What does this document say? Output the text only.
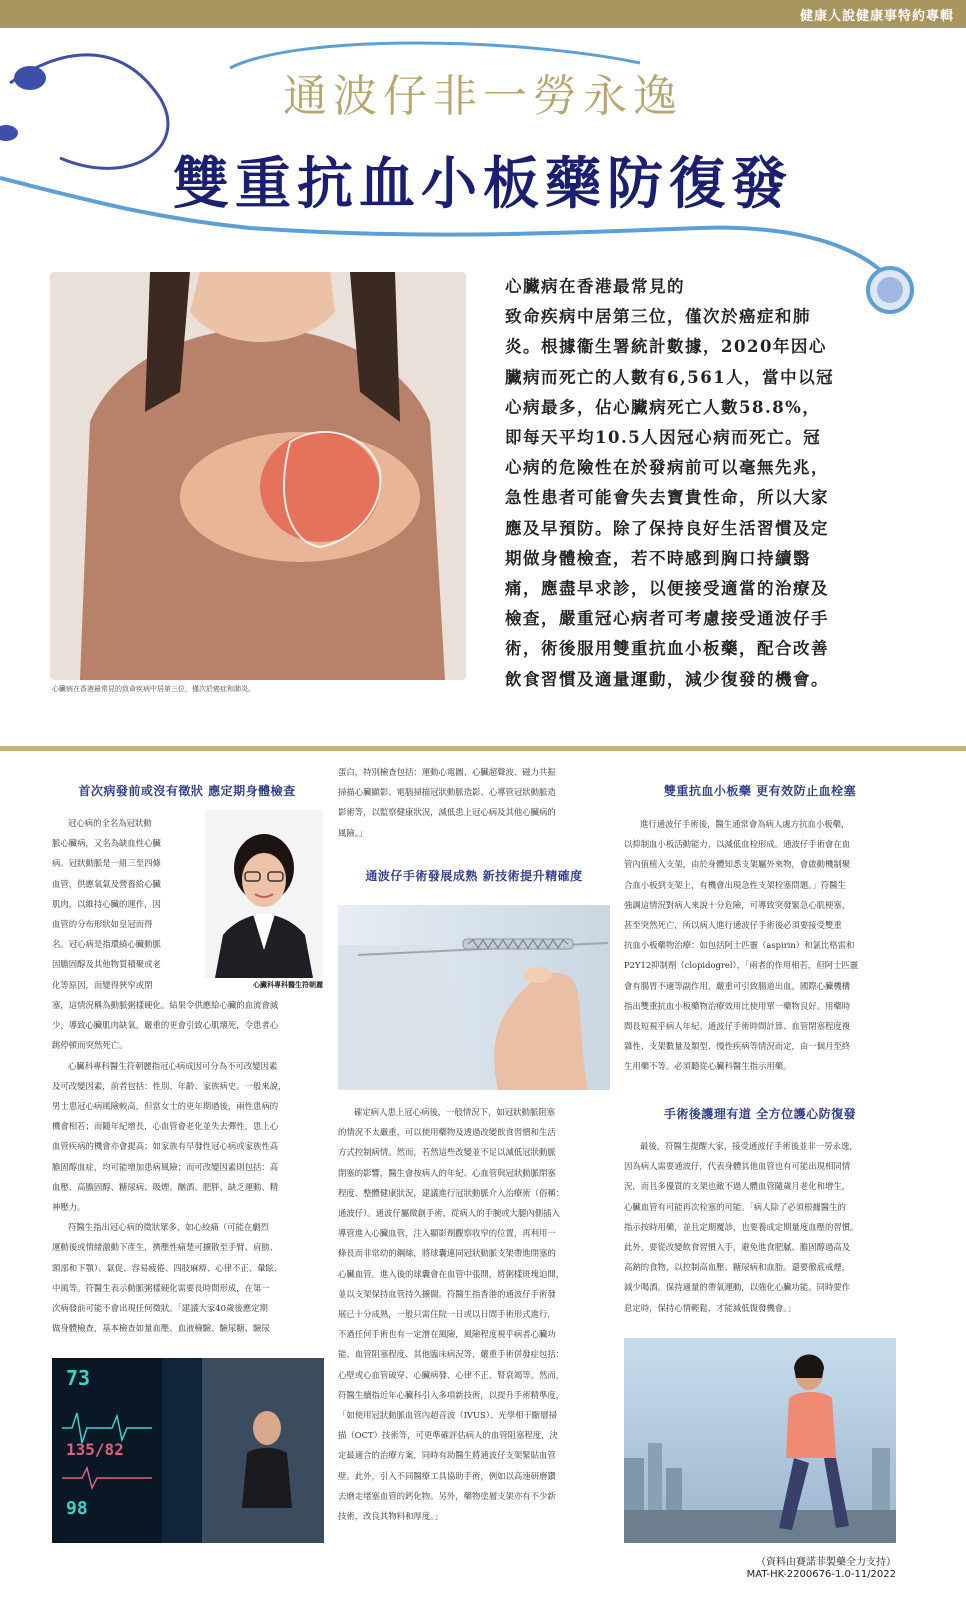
健康人說健康事特約專輯
通波仔非一勞永逸
雙重抗血小板藥防復發
心臟病在香港最常見的致命疾病中居第三位，僅次於癌症和肺炎。

心臟病在香港最常見的

致命疾病中居第三位，僅次於癌症和肺

炎。根據衞生署統計數據，2020年因心

臟病而死亡的人數有6,561人，當中以冠

心病最多，佔心臟病死亡人數58.8%，

即每天平均10.5人因冠心病而死亡。冠

心病的危險性在於發病前可以毫無先兆，

急性患者可能會失去寶貴性命，所以大家

應及早預防。除了保持良好生活習慣及定

期做身體檢查，若不時感到胸口持續翳

痛，應盡早求診，以便接受適當的治療及

檢查，嚴重冠心病者可考慮接受通波仔手

術，術後服用雙重抗血小板藥，配合改善

飲食習慣及適量運動，減少復發的機會。

首次病發前或沒有徵狀 應定期身體檢查

冠心病的全名為冠狀動

脈心臟病，又名為缺血性心臟

病。冠狀動脈是一組三至四條

血管，供應氧氣及營養給心臟

肌肉，以維持心臟的運作，因

血管的分布形狀如皇冠而得

名。冠心病是指環繞心臟動脈

因膽固醇及其他物質積聚或老

化等原因，而變得狹窄或閉	心臟科專科醫生符朝麗

塞，這情況稱為動脈粥樣硬化。結果令供應給心臟的血流會減

少，導致心臟肌肉缺氧，嚴重的更會引致心肌壞死，令患者心

跳停頓而突然死亡。

心臟科專科醫生符朝麗指冠心病成因可分為不可改變因素

及可改變因素，前者包括：性別、年齡、家族病史。一般來說，

男士患冠心病風險較高，但當女士的更年期過後，兩性患病的

機會相若；而隨年紀增長，心血管會老化並失去彈性，患上心

血管疾病的機會亦會提高；如家族有早發性冠心病或家族性高

膽固醇血症，均可能增加患病風險；而可改變因素則包括：高

血壓、高膽固醇、糖尿病、吸煙、酗酒、肥胖、缺乏運動、精

神壓力。

符醫生指出冠心病的徵狀眾多，如心絞痛（可能在劇烈

運動後或情緒激動下產生，擠壓性痛楚可擴散至手臂、肩膀、

頸部和下顎）、氣促、容易疲倦、四肢麻痹、心律不正、暈眩、

中風等。符醫生表示動脈粥樣硬化需要長時間形成，在第一

次病發前可能不會出現任何徵狀。「建議大家40歲後應定期

做身體檢查，基本檢查如量血壓、血液檢驗、驗尿糖、驗尿

73
135/82
98

蛋白，特別檢查包括：運動心電圖、心臟超聲波、磁力共振

掃描心臟顯影、電腦掃描冠狀動脈造影、心導管冠狀動脈造

影術等，以監察健康狀況，減低患上冠心病及其他心臟病的

風險。」

通波仔手術發展成熟 新技術提升精確度

確定病人患上冠心病後，一般情況下，如冠狀動脈阻塞

的情況不太嚴重，可以使用藥物及透過改變飲食習慣和生活

方式控制病情。然而，若然這些改變並不足以減低冠狀動脈

閉塞的影響，醫生會按病人的年紀、心血管與冠狀動脈閉塞

程度、整體健康狀況，建議進行冠狀動脈介入治療術（俗稱：

通波仔）。通波仔屬微創手術，從病人的手腕或大腿內側插入

導管進入心臟血管，注入顯影劑觀察收窄的位置，再利用一

條長而非常幼的鋼絲，將球囊連同冠狀動脈支架帶進閉塞的

心臟血管。進入後的球囊會在血管中張開，將粥樣斑塊迫開，

並以支架保持血管持久擴闊。符醫生指香港的通波仔手術發

展已十分成熟，一般只需住院一日或以日間手術形式進行，

不過任何手術也有一定潛在風險，風險程度視乎病者心臟功

能、血管阻塞程度、其他臨床病況等，嚴重手術併發症包括：

心壁或心血管破穿、心臟病發、心律不正、腎衰竭等。然而，

符醫生續指近年心臟科引入多項新技術，以提升手術精準度，

「如使用冠狀動脈血管內超音波（IVUS）、光學相干斷層掃

描（OCT）技術等，可更準確評估病人的血管阻塞程度，決

定最適合的治療方案，同時有助醫生將通波仔支架緊貼血管

壁。此外，引入不同醫療工具協助手術，例如以高速研磨鑽

去磨走堵塞血管的鈣化物。另外，藥物塗層支架亦有不少新

技術，改良其物料和厚度。」

雙重抗血小板藥 更有效防止血栓塞

進行通波仔手術後，醫生通常會為病人處方抗血小板藥，

以抑制血小板活動能力，以減低血栓形成。通波仔手術會在血

管內值植入支架，由於身體知悉支架屬外來物，會啟動機制聚

合血小板到支架上，有機會出現急性支架栓塞問題。」符醫生

強調這情況對病人來說十分危險，可導致突發緊急心肌梗塞，

甚至突然死亡，所以病人進行通波仔手術後必須要接受雙重

抗血小板藥物治療：如包括阿士匹靈（aspirin）和氯比格雷和

P2Y12抑制劑（clopidogrel），「兩者的作用相若，但阿士匹靈

會有腸胃不適等副作用，嚴重可引致腸道出血。國際心臟機構

指出雙重抗血小板藥物治療效用比使用單一藥物良好。用藥時

間長短視乎病人年紀、通波仔手術時間計算、血管閉塞程度複

雜性、支架數量及類型、慢性疾病等情況而定，由一個月至終

生用藥不等。必須聽從心臟科醫生指示用藥。

手術後護理有道 全方位護心防復發

最後，符醫生提醒大家，接受通波仔手術後並非一勞永逸，

因為病人需要通波仔，代表身體其他血管也有可能出現相同情

況，而且多優質的支架也敵不過人體血管隨歲月老化和增生，

心臟血管有可能再次栓塞的可能。「病人除了必須根據醫生的

指示按時用藥，並且定期覆診，也要養成定期量度血壓的習慣。

此外，要從改變飲食習慣入手，避免進食肥膩、膽固醇過高及

高鈉的食物，以控制高血壓、糖尿病和血脂。還要徹底戒煙，

減少喝酒。保持適量的帶氧運動，以強化心臟功能。同時要作

息定時，保持心情輕鬆，才能減低復發機會。」

（資料由賽諾菲製藥全力支持）
MAT-HK-2200676-1.0-11/2022
